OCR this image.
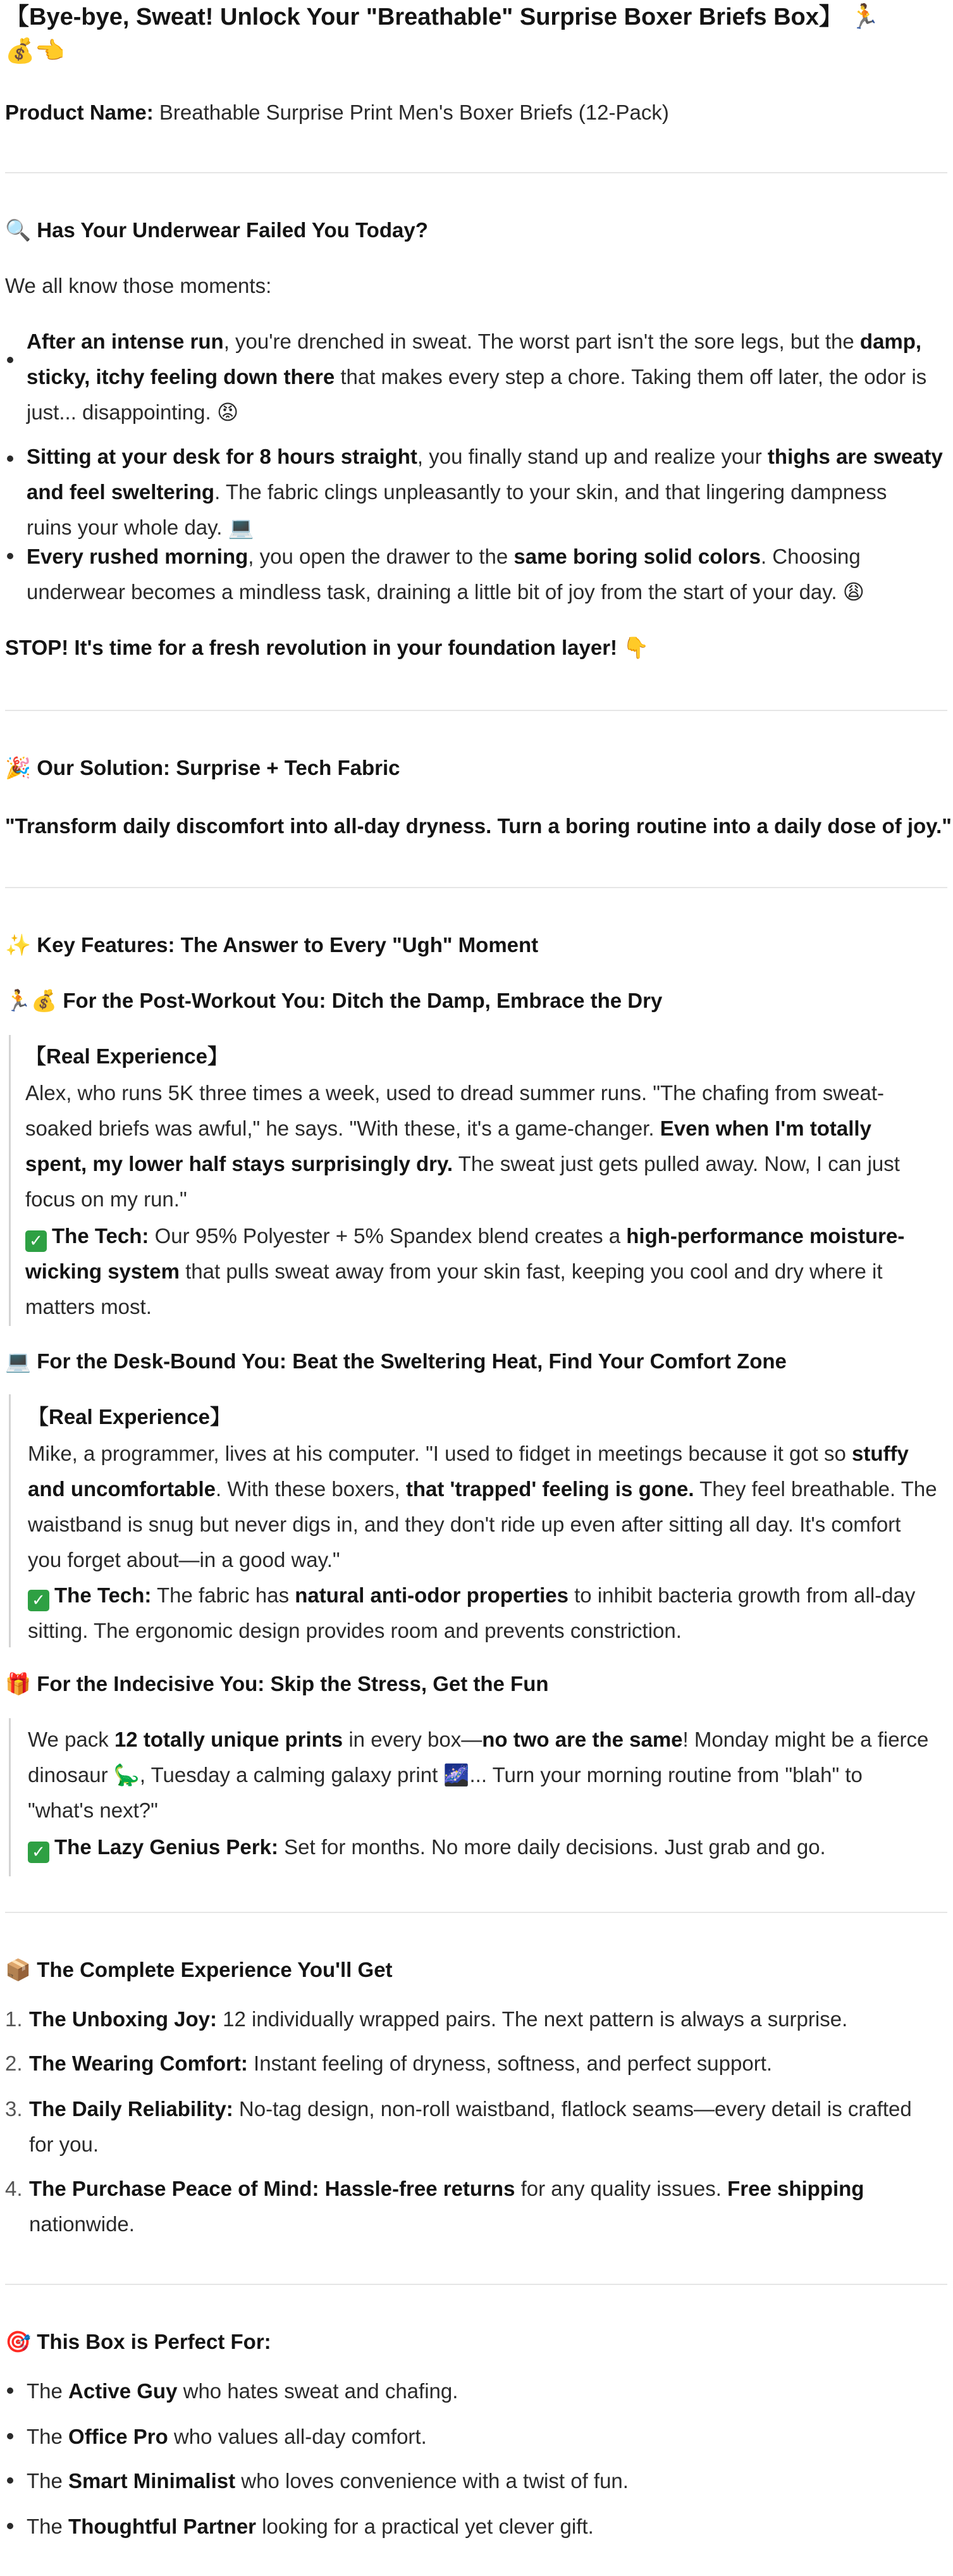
【Bye-bye, Sweat! Unlock Your "Breathable" Surprise Boxer Briefs Box】 🏃
💰👈
Product Name: Breathable Surprise Print Men's Boxer Briefs (12-Pack)
🔍 Has Your Underwear Failed You Today?
We all know those moments:
After an intense run, you're drenched in sweat. The worst part isn't the sore legs, but the damp,
sticky, itchy feeling down there that makes every step a chore. Taking them off later, the odor is
just... disappointing. 😡
Sitting at your desk for 8 hours straight, you finally stand up and realize your thighs are sweaty
and feel sweltering. The fabric clings unpleasantly to your skin, and that lingering dampness
ruins your whole day. 💻
Every rushed morning, you open the drawer to the same boring solid colors. Choosing
underwear becomes a mindless task, draining a little bit of joy from the start of your day. 😩
STOP! It's time for a fresh revolution in your foundation layer! 👇
🎉 Our Solution: Surprise + Tech Fabric
"Transform daily discomfort into all-day dryness. Turn a boring routine into a daily dose of joy."
✨ Key Features: The Answer to Every "Ugh" Moment
🏃💰 For the Post-Workout You: Ditch the Damp, Embrace the Dry
【Real Experience】
Alex, who runs 5K three times a week, used to dread summer runs. "The chafing from sweat-
soaked briefs was awful," he says. "With these, it's a game-changer. Even when I'm totally
spent, my lower half stays surprisingly dry. The sweat just gets pulled away. Now, I can just
focus on my run."
✓ The Tech: Our 95% Polyester + 5% Spandex blend creates a high-performance moisture-
wicking system that pulls sweat away from your skin fast, keeping you cool and dry where it
matters most.
💻 For the Desk-Bound You: Beat the Sweltering Heat, Find Your Comfort Zone
【Real Experience】
Mike, a programmer, lives at his computer. "I used to fidget in meetings because it got so stuffy
and uncomfortable. With these boxers, that 'trapped' feeling is gone. They feel breathable. The
waistband is snug but never digs in, and they don't ride up even after sitting all day. It's comfort
you forget about—in a good way."
✓ The Tech: The fabric has natural anti-odor properties to inhibit bacteria growth from all-day
sitting. The ergonomic design provides room and prevents constriction.
🎁 For the Indecisive You: Skip the Stress, Get the Fun
We pack 12 totally unique prints in every box—no two are the same! Monday might be a fierce
dinosaur 🦕, Tuesday a calming galaxy print 🌌... Turn your morning routine from "blah" to
"what's next?"
✓ The Lazy Genius Perk: Set for months. No more daily decisions. Just grab and go.
📦 The Complete Experience You'll Get
1. The Unboxing Joy: 12 individually wrapped pairs. The next pattern is always a surprise.
2. The Wearing Comfort: Instant feeling of dryness, softness, and perfect support.
3. The Daily Reliability: No-tag design, non-roll waistband, flatlock seams—every detail is crafted
for you.
4. The Purchase Peace of Mind: Hassle-free returns for any quality issues. Free shipping
nationwide.
🎯 This Box is Perfect For:
The Active Guy who hates sweat and chafing.
The Office Pro who values all-day comfort.
The Smart Minimalist who loves convenience with a twist of fun.
The Thoughtful Partner looking for a practical yet clever gift.
